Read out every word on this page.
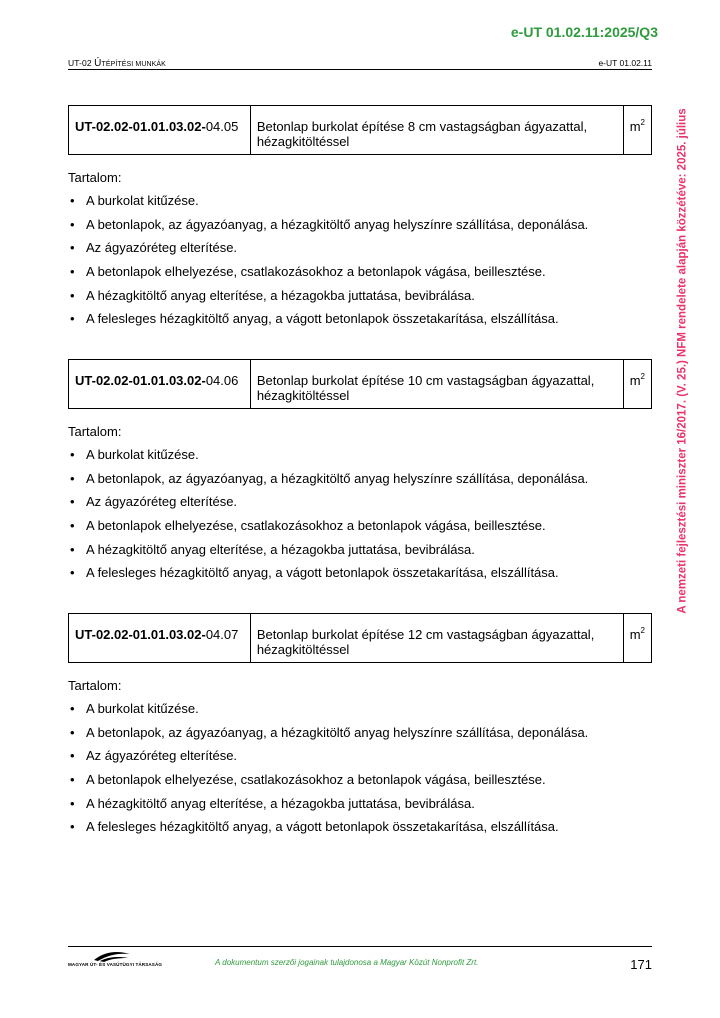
e-UT 01.02.11:2025/Q3
UT-02 ÚTÉPÍTÉSI MUNKÁK	e-UT 01.02.11
A nemzeti fejlesztési miniszter 16/2017. (V. 25.) NFM rendelete alapján közzétéve: 2025. július
UT-02.02-01.01.03.02-04.05	Betonlap burkolat építése 8 cm vastagságban ágyazattal, hézagkitöltéssel	$m^2$
Tartalom:
• A burkolat kitűzése.
• A betonlapok, az ágyazóanyag, a hézagkitöltő anyag helyszínre szállítása, deponálása.
• Az ágyazóréteg elterítése.
• A betonlapok elhelyezése, csatlakozásokhoz a betonlapok vágása, beillesztése.
• A hézagkitöltő anyag elterítése, a hézagokba juttatása, bevibrálása.
• A felesleges hézagkitöltő anyag, a vágott betonlapok összetakarítása, elszállítása.
UT-02.02-01.01.03.02-04.06	Betonlap burkolat építése 10 cm vastagságban ágyazattal, hézagkitöltéssel	$m^2$
Tartalom:
• A burkolat kitűzése.
• A betonlapok, az ágyazóanyag, a hézagkitöltő anyag helyszínre szállítása, deponálása.
• Az ágyazóréteg elterítése.
• A betonlapok elhelyezése, csatlakozásokhoz a betonlapok vágása, beillesztése.
• A hézagkitöltő anyag elterítése, a hézagokba juttatása, bevibrálása.
• A felesleges hézagkitöltő anyag, a vágott betonlapok összetakarítása, elszállítása.
UT-02.02-01.01.03.02-04.07	Betonlap burkolat építése 12 cm vastagságban ágyazattal, hézagkitöltéssel	$m^2$
Tartalom:
• A burkolat kitűzése.
• A betonlapok, az ágyazóanyag, a hézagkitöltő anyag helyszínre szállítása, deponálása.
• Az ágyazóréteg elterítése.
• A betonlapok elhelyezése, csatlakozásokhoz a betonlapok vágása, beillesztése.
• A hézagkitöltő anyag elterítése, a hézagokba juttatása, bevibrálása.
• A felesleges hézagkitöltő anyag, a vágott betonlapok összetakarítása, elszállítása.
MAGYAR ÚT- ÉS VASÚTÜGYI TÁRSASÁG	A dokumentum szerzői jogainak tulajdonosa a Magyar Közút Nonprofit Zrt.	171
